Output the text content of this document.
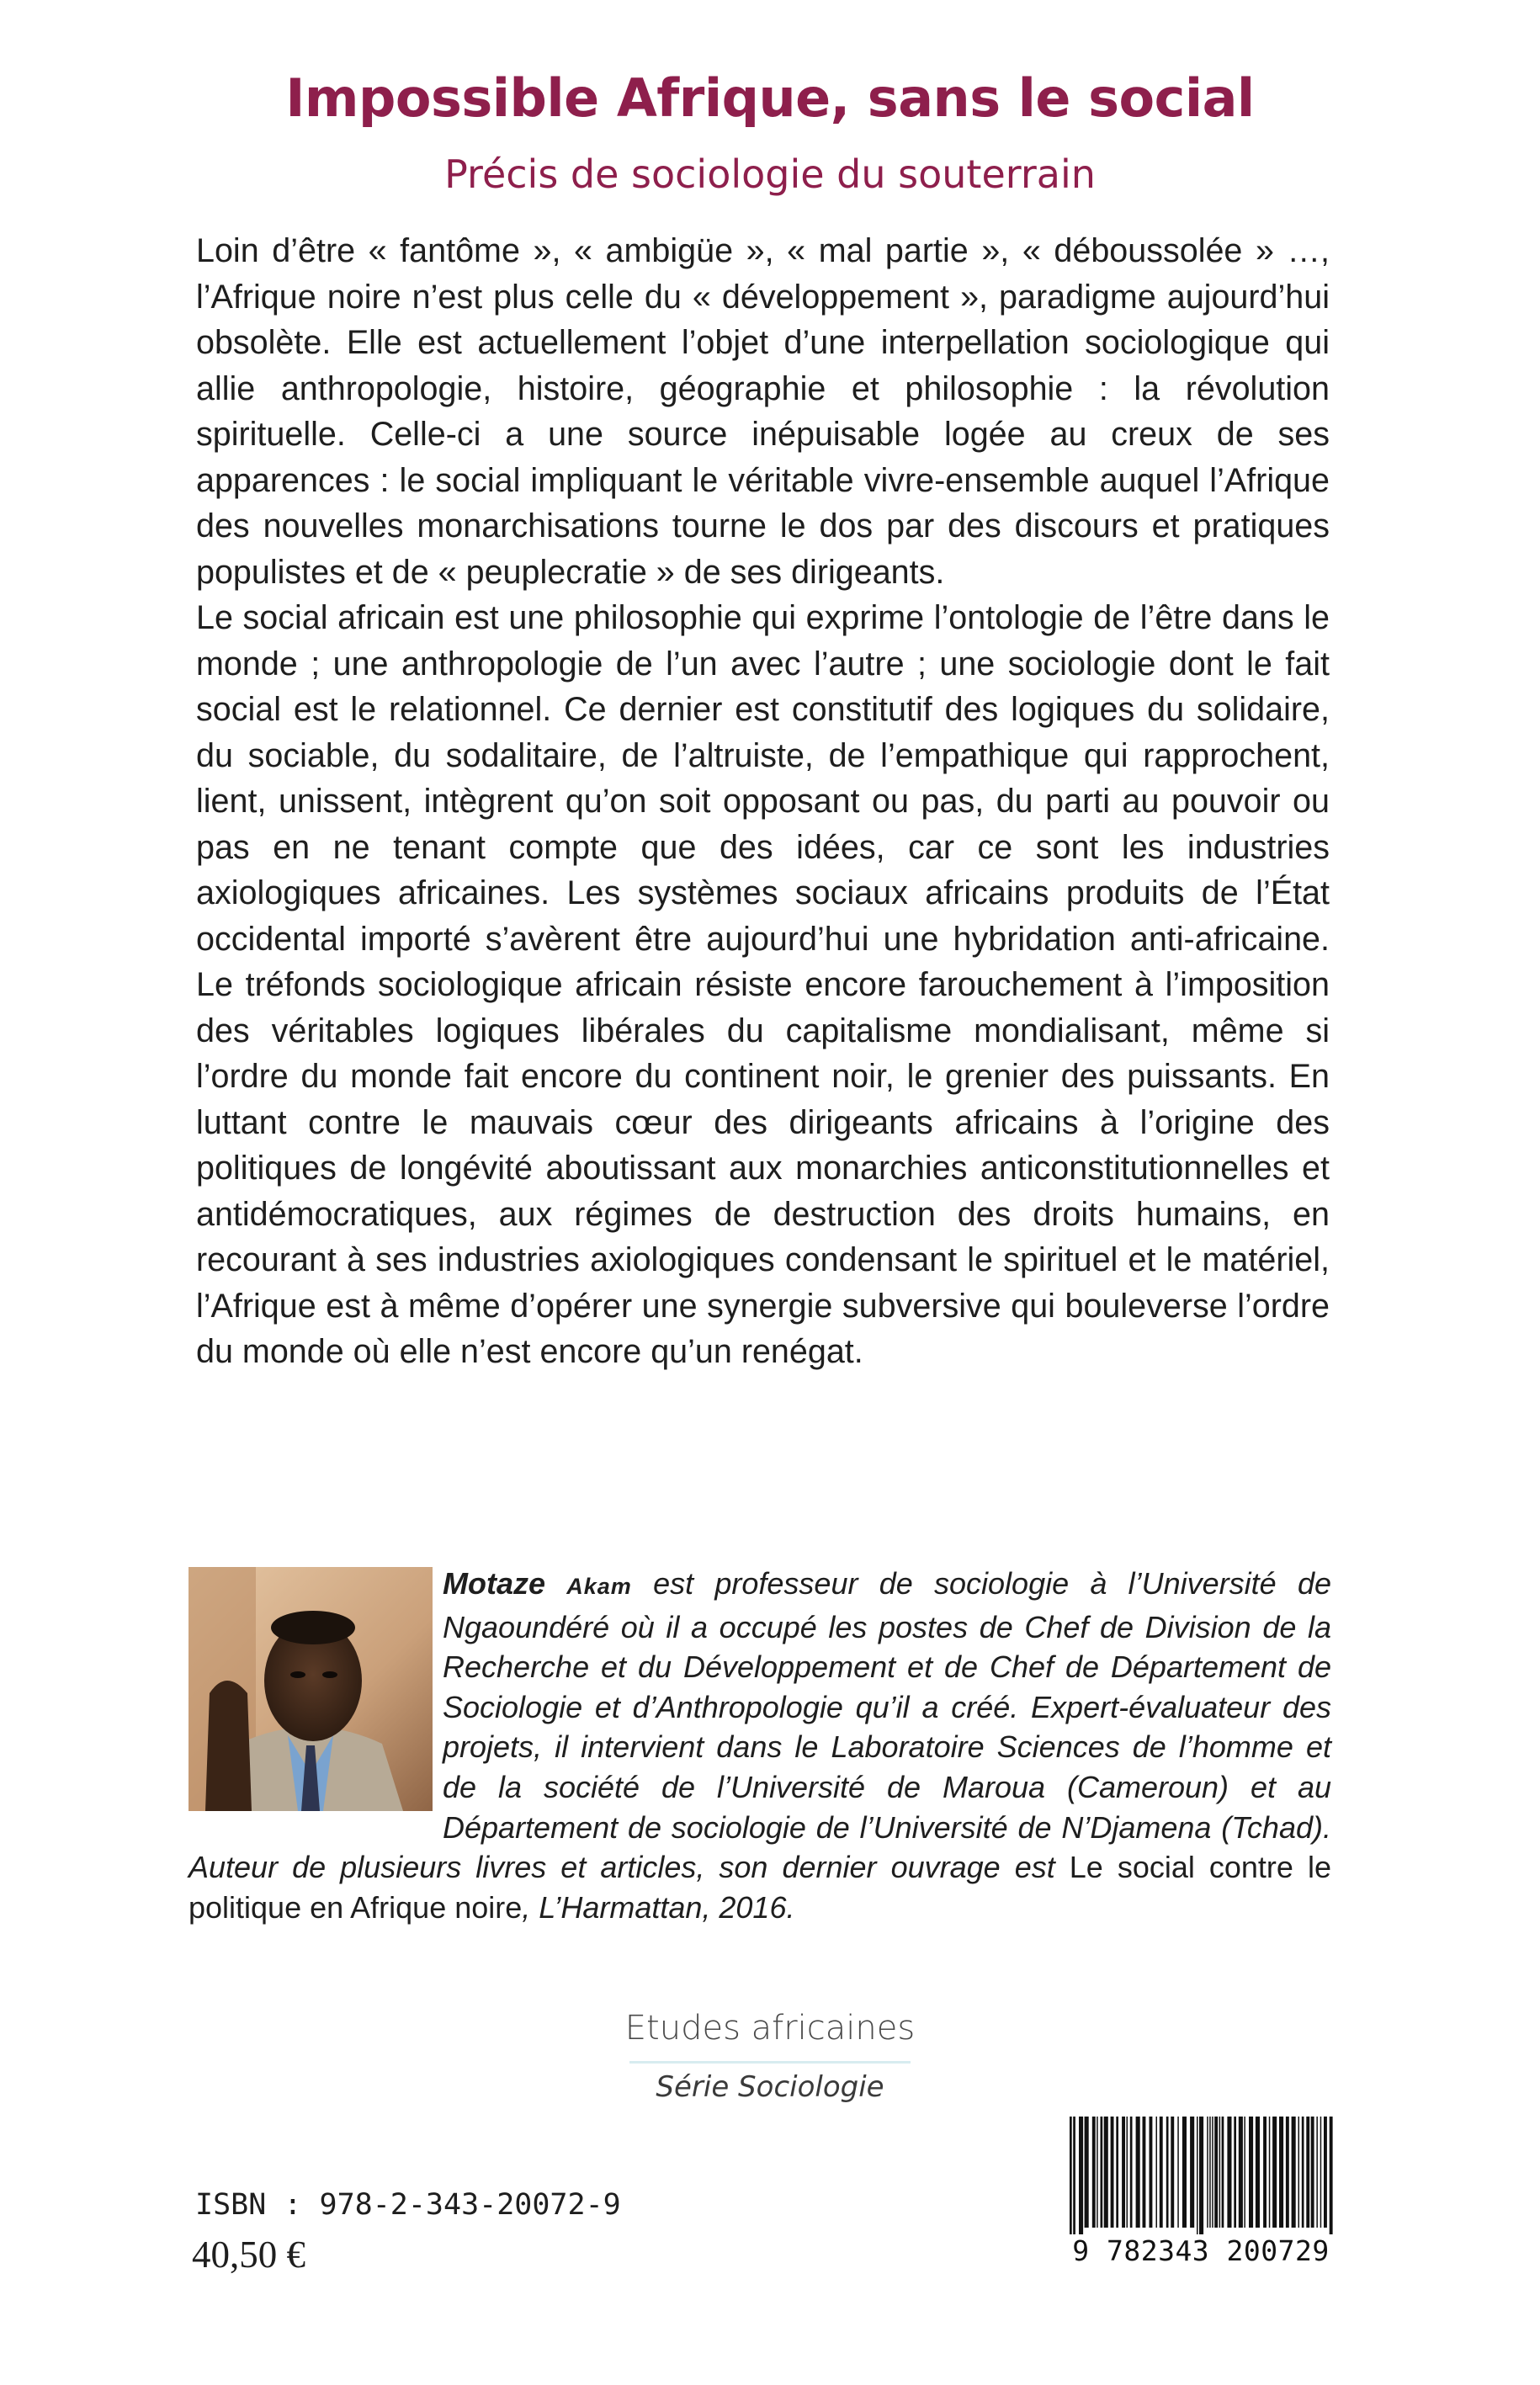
Impossible Afrique, sans le social
Précis de sociologie du souterrain

Loin d’être « fantôme », « ambigüe », « mal partie », « déboussolée » …, l’Afrique noire n’est plus celle du « développement », paradigme aujourd’hui obsolète. Elle est actuellement l’objet d’une interpellation sociologique qui allie anthropologie, histoire, géographie et philosophie : la révolution spirituelle. Celle-ci a une source inépuisable logée au creux de ses apparences : le social impliquant le véritable vivre-ensemble auquel l’Afrique des nouvelles monarchisations tourne le dos par des discours et pratiques populistes et de « peuplecratie » de ses dirigeants.

Le social africain est une philosophie qui exprime l’ontologie de l’être dans le monde ; une anthropologie de l’un avec l’autre ; une sociologie dont le fait social est le relationnel. Ce dernier est constitutif des logiques du solidaire, du sociable, du sodalitaire, de l’altruiste, de l’empathique qui rapprochent, lient, unissent, intègrent qu’on soit opposant ou pas, du parti au pouvoir ou pas en ne tenant compte que des idées, car ce sont les industries axiologiques africaines. Les systèmes sociaux africains produits de l’État occidental importé s’avèrent être aujourd’hui une hybridation anti-africaine. Le tréfonds sociologique africain résiste encore farouchement à l’imposition des véritables logiques libérales du capitalisme mondialisant, même si l’ordre du monde fait encore du continent noir, le grenier des puissants. En luttant contre le mauvais cœur des dirigeants africains à l’origine des politiques de longévité aboutissant aux monarchies anticonstitutionnelles et antidémocratiques, aux régimes de destruction des droits humains, en recourant à ses industries axiologiques condensant le spirituel et le matériel, l’Afrique est à même d’opérer une synergie subversive qui bouleverse l’ordre du monde où elle n’est encore qu’un renégat.

Motaze Akam est professeur de sociologie à l’Université de Ngaoundéré où il a occupé les postes de Chef de Division de la Recherche et du Développement et de Chef de Département de Sociologie et d’Anthropologie qu’il a créé. Expert-évaluateur des projets, il intervient dans le Laboratoire Sciences de l’homme et de la société de l’Université de Maroua (Cameroun) et au Département de sociologie de l’Université de N’Djamena (Tchad). Auteur de plusieurs livres et articles, son dernier ouvrage est Le social contre le politique en Afrique noire, L’Harmattan, 2016.

Etudes africaines
Série Sociologie
ISBN : 978-2-343-20072-9
40,50 €	9 782343 200729
